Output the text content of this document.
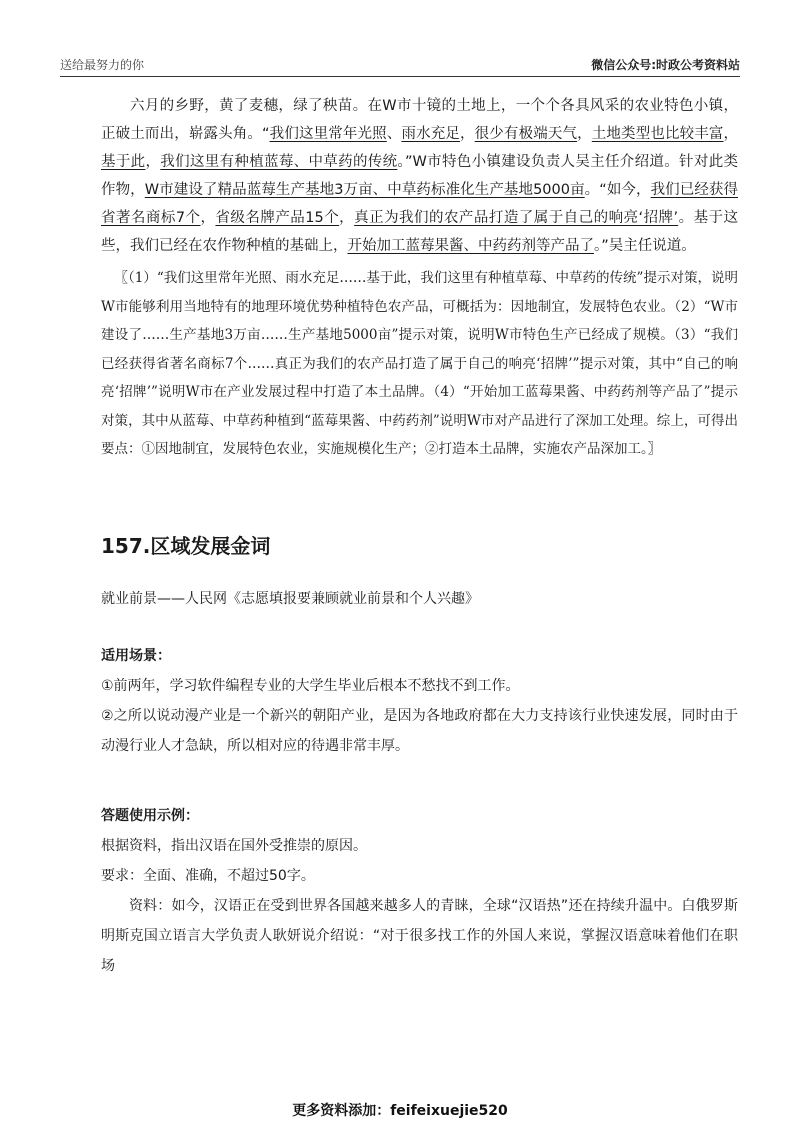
送给最努力的你	微信公众号:时政公考资料站

六月的乡野，黄了麦穗，绿了秧苗。在W市十镜的土地上，一个个各具风采的农业特色小镇，正破土而出，崭露头角。“我们这里常年光照、雨水充足，很少有极端天气，土地类型也比较丰富，基于此，我们这里有种植蓝莓、中草药的传统。”W市特色小镇建设负责人吴主任介绍道。针对此类作物，W市建设了精品蓝莓生产基地3万亩、中草药标准化生产基地5000亩。“如今，我们已经获得省著名商标7个，省级名牌产品15个，真正为我们的农产品打造了属于自己的响亮‘招牌’。基于这些，我们已经在农作物种植的基础上，开始加工蓝莓果酱、中药药剂等产品了。”吴主任说道。

〖（1）“我们这里常年光照、雨水充足……基于此，我们这里有种植草莓、中草药的传统”提示对策，说明W市能够利用当地特有的地理环境优势种植特色农产品，可概括为：因地制宜，发展特色农业。（2）“W市建设了……生产基地3万亩……生产基地5000亩”提示对策，说明W市特色生产已经成了规模。（3）“我们已经获得省著名商标7个……真正为我们的农产品打造了属于自己的响亮‘招牌’”提示对策，其中“自己的响亮‘招牌’”说明W市在产业发展过程中打造了本土品牌。（4）“开始加工蓝莓果酱、中药药剂等产品了”提示对策，其中从蓝莓、中草药种植到“蓝莓果酱、中药药剂”说明W市对产品进行了深加工处理。综上，可得出要点：①因地制宜，发展特色农业，实施规模化生产；②打造本土品牌，实施农产品深加工。〗

157.区域发展金词
就业前景——人民网《志愿填报要兼顾就业前景和个人兴趣》
适用场景：
①前两年，学习软件编程专业的大学生毕业后根本不愁找不到工作。
②之所以说动漫产业是一个新兴的朝阳产业，是因为各地政府都在大力支持该行业快速发展，同时由于动漫行业人才急缺，所以相对应的待遇非常丰厚。
答题使用示例：
根据资料，指出汉语在国外受推崇的原因。
要求：全面、准确，不超过50字。
资料：如今，汉语正在受到世界各国越来越多人的青睐，全球“汉语热”还在持续升温中。白俄罗斯明斯克国立语言大学负责人耿妍说介绍说：“对于很多找工作的外国人来说，掌握汉语意味着他们在职场
更多资料添加：feifeixuejie520
